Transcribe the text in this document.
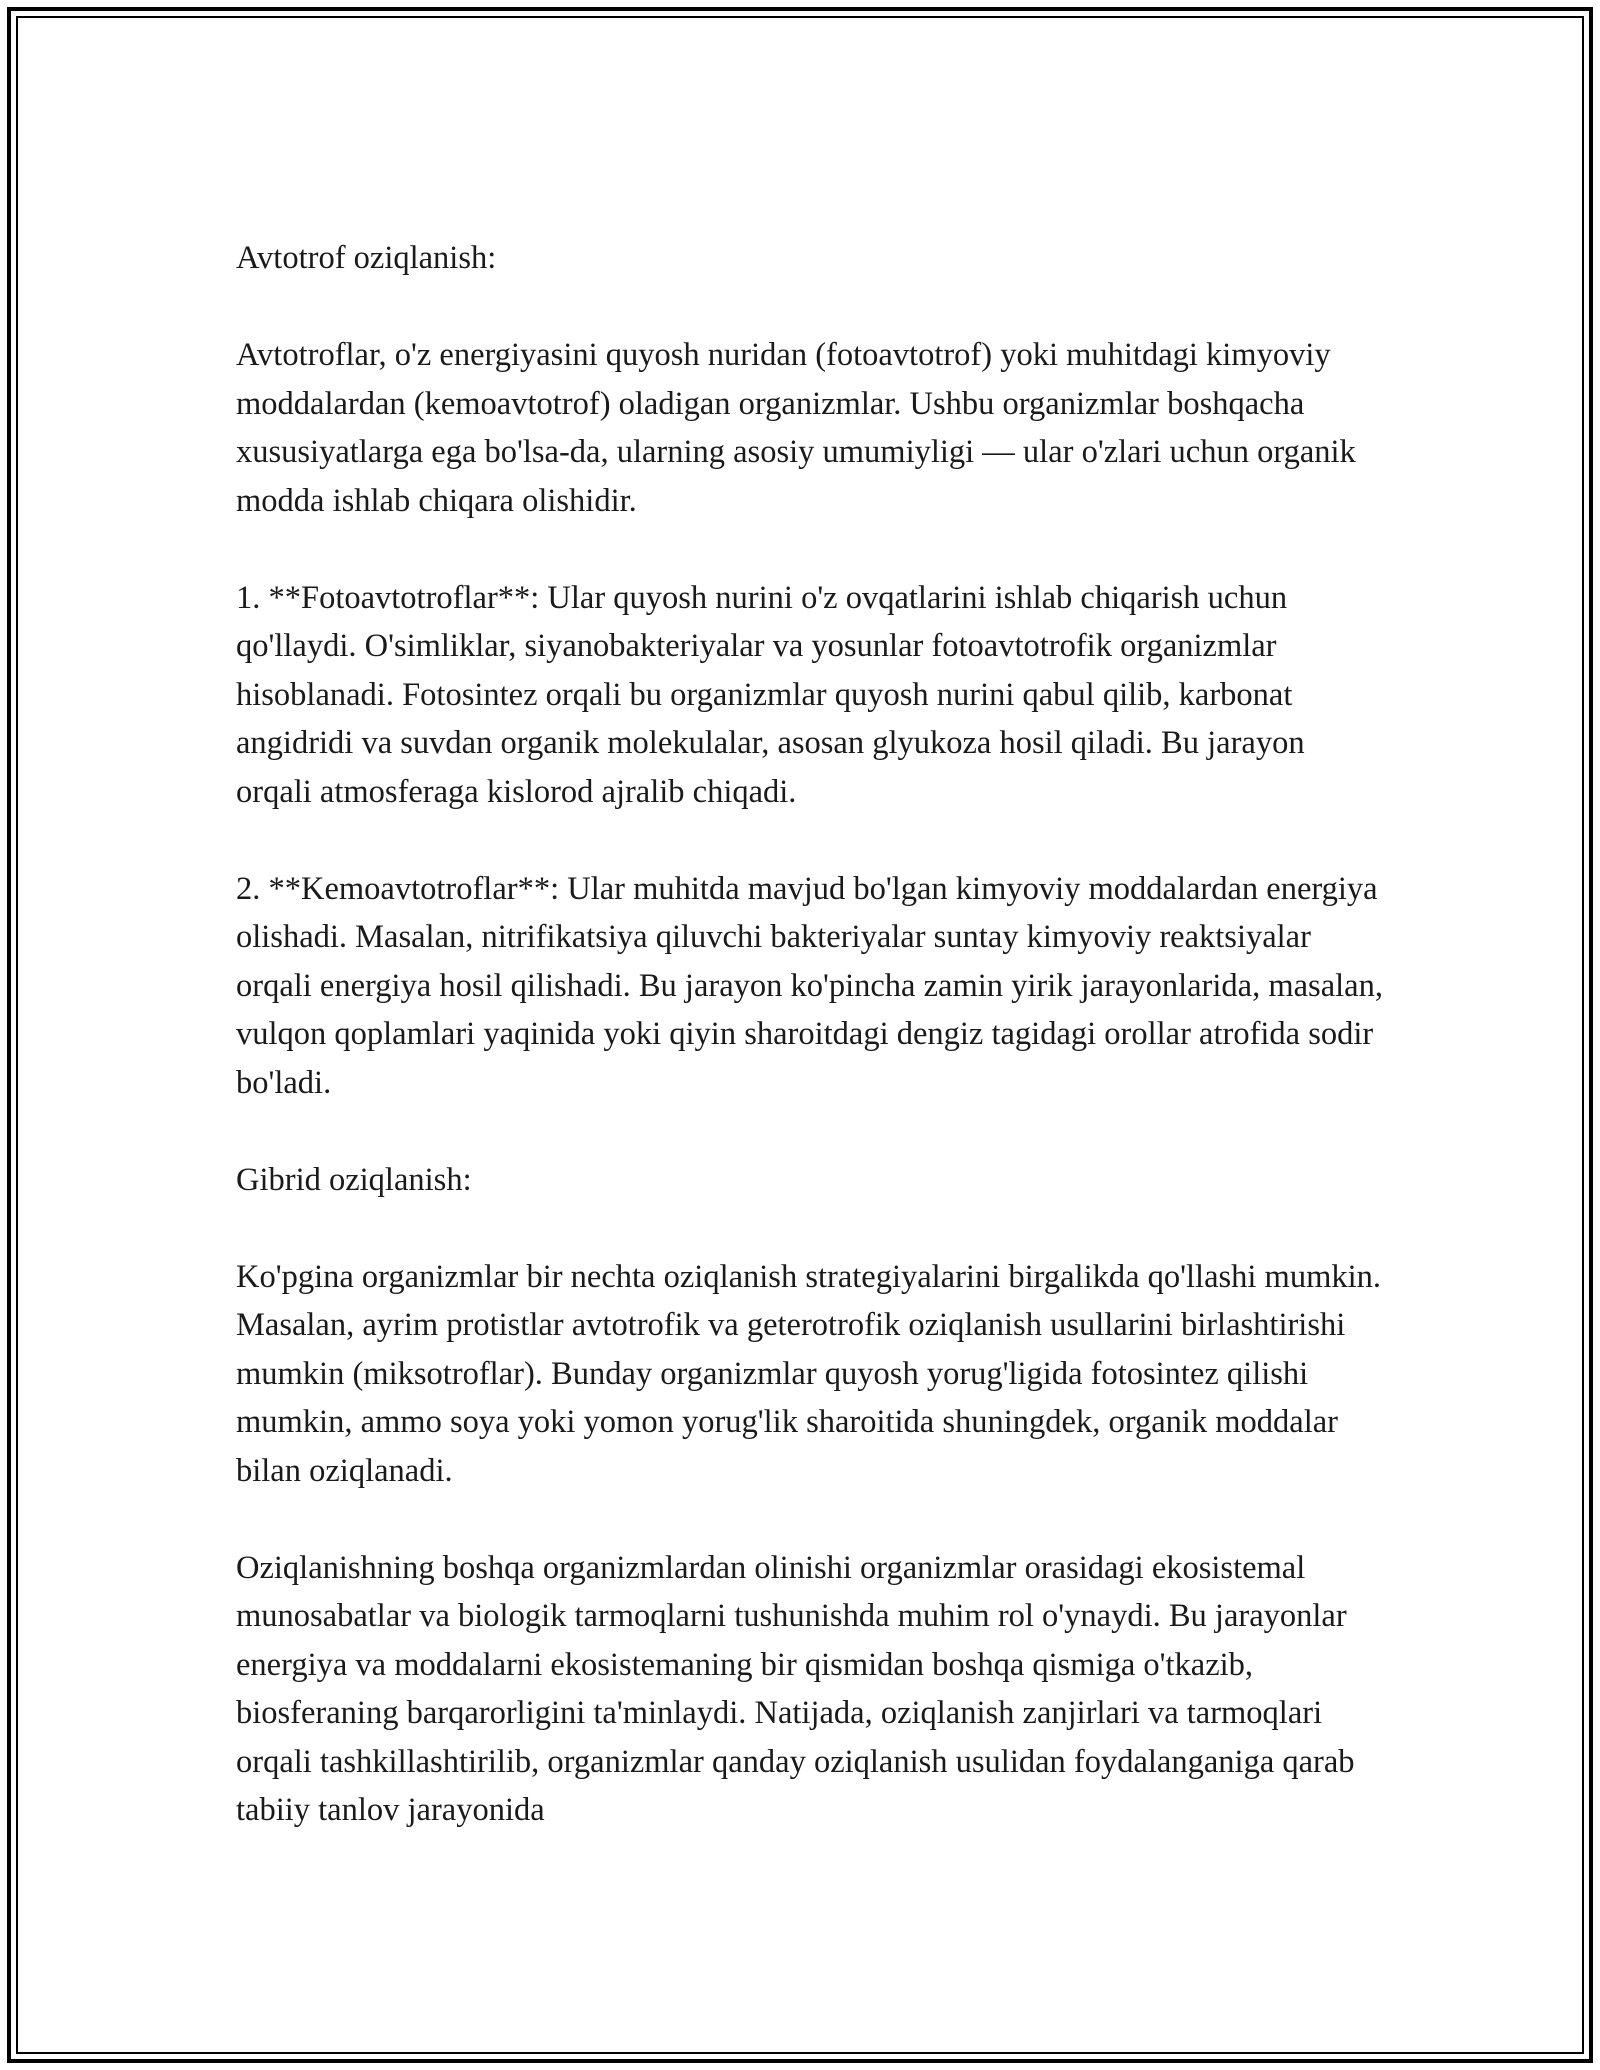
Avtotrof oziqlanish:

Avtotroflar, o'z energiyasini quyosh nuridan (fotoavtotrof) yoki muhitdagi kimyoviy moddalardan (kemoavtotrof) oladigan organizmlar. Ushbu organizmlar boshqacha xususiyatlarga ega bo'lsa-da, ularning asosiy umumiyligi — ular o'zlari uchun organik modda ishlab chiqara olishidir.

1. **Fotoavtotroflar**: Ular quyosh nurini o'z ovqatlarini ishlab chiqarish uchun qo'llaydi. O'simliklar, siyanobakteriyalar va yosunlar fotoavtotrofik organizmlar hisoblanadi. Fotosintez orqali bu organizmlar quyosh nurini qabul qilib, karbonat angidridi va suvdan organik molekulalar, asosan glyukoza hosil qiladi. Bu jarayon orqali atmosferaga kislorod ajralib chiqadi.

2. **Kemoavtotroflar**: Ular muhitda mavjud bo'lgan kimyoviy moddalardan energiya olishadi. Masalan, nitrifikatsiya qiluvchi bakteriyalar suntay kimyoviy reaktsiyalar orqali energiya hosil qilishadi. Bu jarayon ko'pincha zamin yirik jarayonlarida, masalan, vulqon qoplamlari yaqinida yoki qiyin sharoitdagi dengiz tagidagi orollar atrofida sodir bo'ladi.

Gibrid oziqlanish:

Ko'pgina organizmlar bir nechta oziqlanish strategiyalarini birgalikda qo'llashi mumkin. Masalan, ayrim protistlar avtotrofik va geterotrofik oziqlanish usullarini birlashtirishi mumkin (miksotroflar). Bunday organizmlar quyosh yorug'ligida fotosintez qilishi mumkin, ammo soya yoki yomon yorug'lik sharoitida shuningdek, organik moddalar bilan oziqlanadi.

Oziqlanishning boshqa organizmlardan olinishi organizmlar orasidagi ekosistemal munosabatlar va biologik tarmoqlarni tushunishda muhim rol o'ynaydi. Bu jarayonlar energiya va moddalarni ekosistemaning bir qismidan boshqa qismiga o'tkazib, biosferaning barqarorligini ta'minlaydi. Natijada, oziqlanish zanjirlari va tarmoqlari orqali tashkillashtirilib, organizmlar qanday oziqlanish usulidan foydalanganiga qarab tabiiy tanlov jarayonida
